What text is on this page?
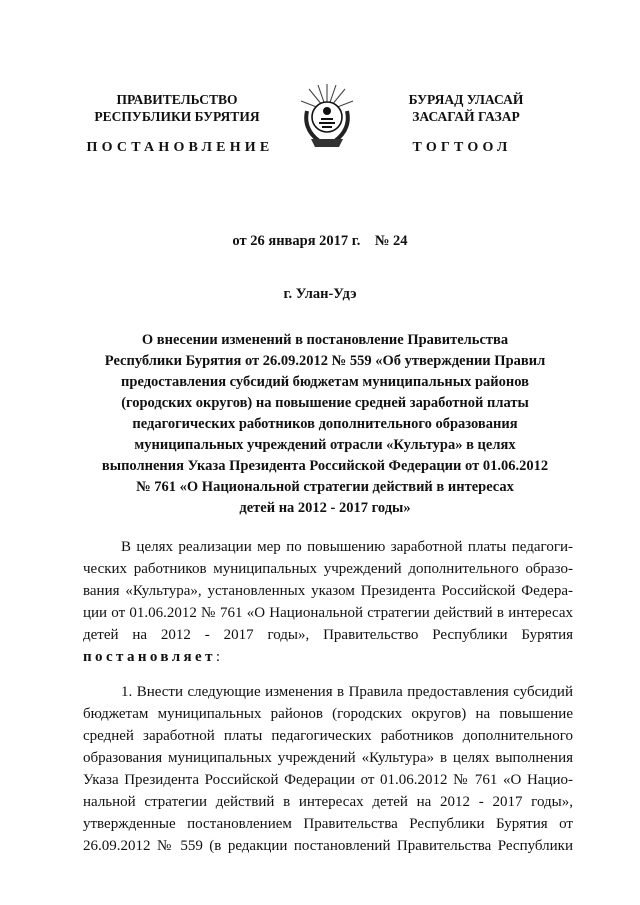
ПРАВИТЕЛЬСТВО
РЕСПУБЛИКИ БУРЯТИЯ
БУРЯАД УЛАСАЙ
ЗАСАГАЙ ГАЗАР
ПОСТАНОВЛЕНИЕ	ТОГТООЛ
от 26 января 2017 г.    № 24
г. Улан-Удэ
О внесении изменений в постановление Правительства
Республики Бурятия от 26.09.2012 № 559 «Об утверждении Правил
предоставления субсидий бюджетам муниципальных районов
(городских округов) на повышение средней заработной платы
педагогических работников дополнительного образования
муниципальных учреждений отрасли «Культура» в целях
выполнения Указа Президента Российской Федерации от 01.06.2012
№ 761 «О Национальной стратегии действий в интересах
детей на 2012 - 2017 годы»
В целях реализации мер по повышению заработной платы педагоги-
ческих работников муниципальных учреждений дополнительного образо-
вания «Культура», установленных указом Президента Российской Федера-
ции от 01.06.2012 № 761 «О Национальной стратегии действий в интересах
детей на 2012 - 2017 годы», Правительство Республики Бурятия
постановляет:
1. Внести следующие изменения в Правила предоставления субсидий
бюджетам муниципальных районов (городских округов) на повышение
средней заработной платы педагогических работников дополнительного
образования муниципальных учреждений «Культура» в целях выполнения
Указа Президента Российской Федерации от 01.06.2012 № 761 «О Нацио-
нальной стратегии действий в интересах детей на 2012 - 2017 годы»,
утвержденные постановлением Правительства Республики Бурятия от
26.09.2012 № 559 (в редакции постановлений Правительства Республики
